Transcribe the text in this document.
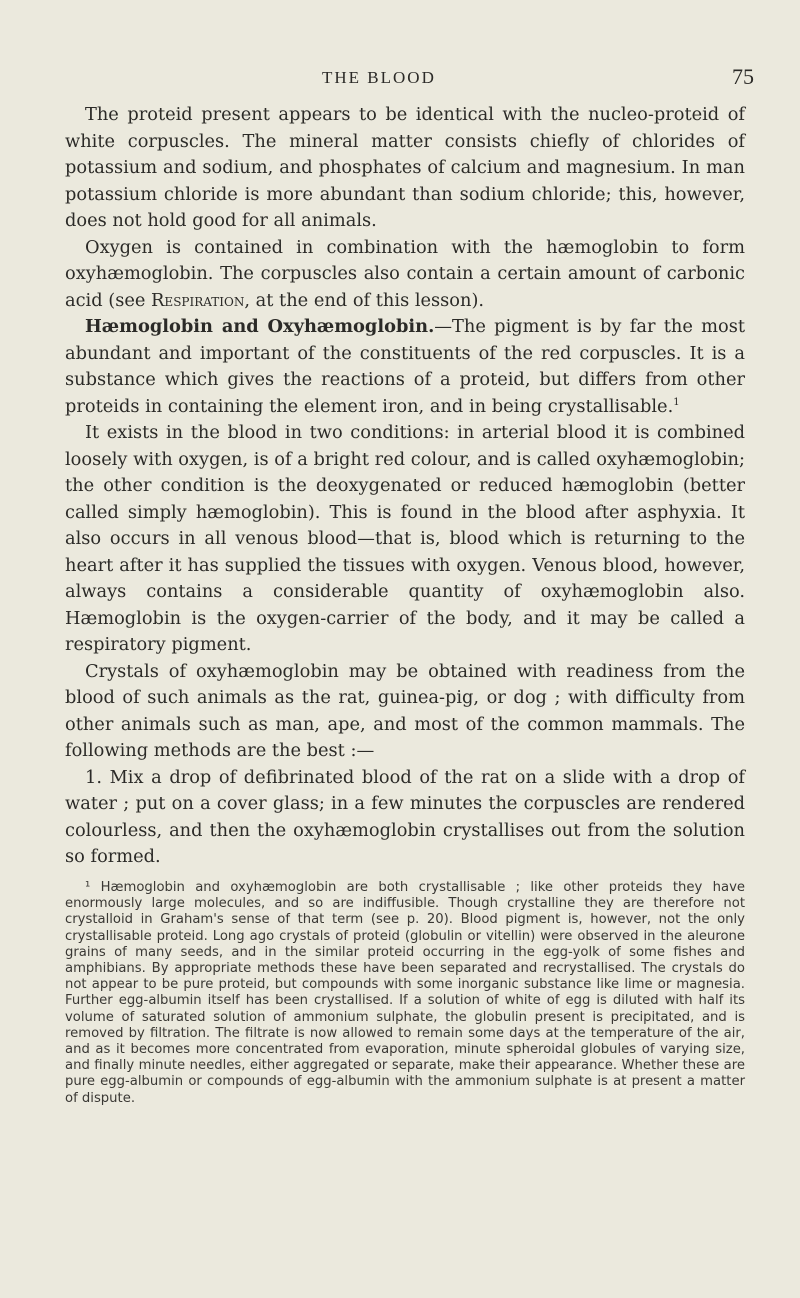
THE BLOOD	75

The proteid present appears to be identical with the nucleo-proteid of white corpuscles. The mineral matter consists chiefly of chlorides of potassium and sodium, and phosphates of calcium and magnesium. In man potassium chloride is more abundant than sodium chloride; this, however, does not hold good for all animals.

Oxygen is contained in combination with the hæmoglobin to form oxyhæmoglobin. The corpuscles also contain a certain amount of carbonic acid (see Respiration, at the end of this lesson).

Hæmoglobin and Oxyhæmoglobin.—The pigment is by far the most abundant and important of the constituents of the red corpuscles. It is a substance which gives the reactions of a proteid, but differs from other proteids in containing the element iron, and in being crystallisable.$^1$

It exists in the blood in two conditions: in arterial blood it is combined loosely with oxygen, is of a bright red colour, and is called oxyhæmoglobin; the other condition is the deoxygenated or reduced hæmoglobin (better called simply hæmoglobin). This is found in the blood after asphyxia. It also occurs in all venous blood—that is, blood which is returning to the heart after it has supplied the tissues with oxygen. Venous blood, however, always contains a considerable quantity of oxyhæmoglobin also. Hæmoglobin is the oxygen-carrier of the body, and it may be called a respiratory pigment.

Crystals of oxyhæmoglobin may be obtained with readiness from the blood of such animals as the rat, guinea-pig, or dog ; with difficulty from other animals such as man, ape, and most of the common mammals. The following methods are the best :—

1. Mix a drop of defibrinated blood of the rat on a slide with a drop of water ; put on a cover glass; in a few minutes the corpuscles are rendered colourless, and then the oxyhæmoglobin crystallises out from the solution so formed.

¹ Hæmoglobin and oxyhæmoglobin are both crystallisable ; like other proteids they have enormously large molecules, and so are indiffusible. Though crystalline they are therefore not crystalloid in Graham's sense of that term (see p. 20). Blood pigment is, however, not the only crystallisable proteid. Long ago crystals of proteid (globulin or vitellin) were observed in the aleurone grains of many seeds, and in the similar proteid occurring in the egg-yolk of some fishes and amphibians. By appropriate methods these have been separated and recrystallised. The crystals do not appear to be pure proteid, but compounds with some inorganic substance like lime or magnesia. Further egg-albumin itself has been crystallised. If a solution of white of egg is diluted with half its volume of saturated solution of ammonium sulphate, the globulin present is precipitated, and is removed by filtration. The filtrate is now allowed to remain some days at the temperature of the air, and as it becomes more concentrated from evaporation, minute spheroidal globules of varying size, and finally minute needles, either aggregated or separate, make their appearance. Whether these are pure egg-albumin or compounds of egg-albumin with the ammonium sulphate is at present a matter of dispute.
